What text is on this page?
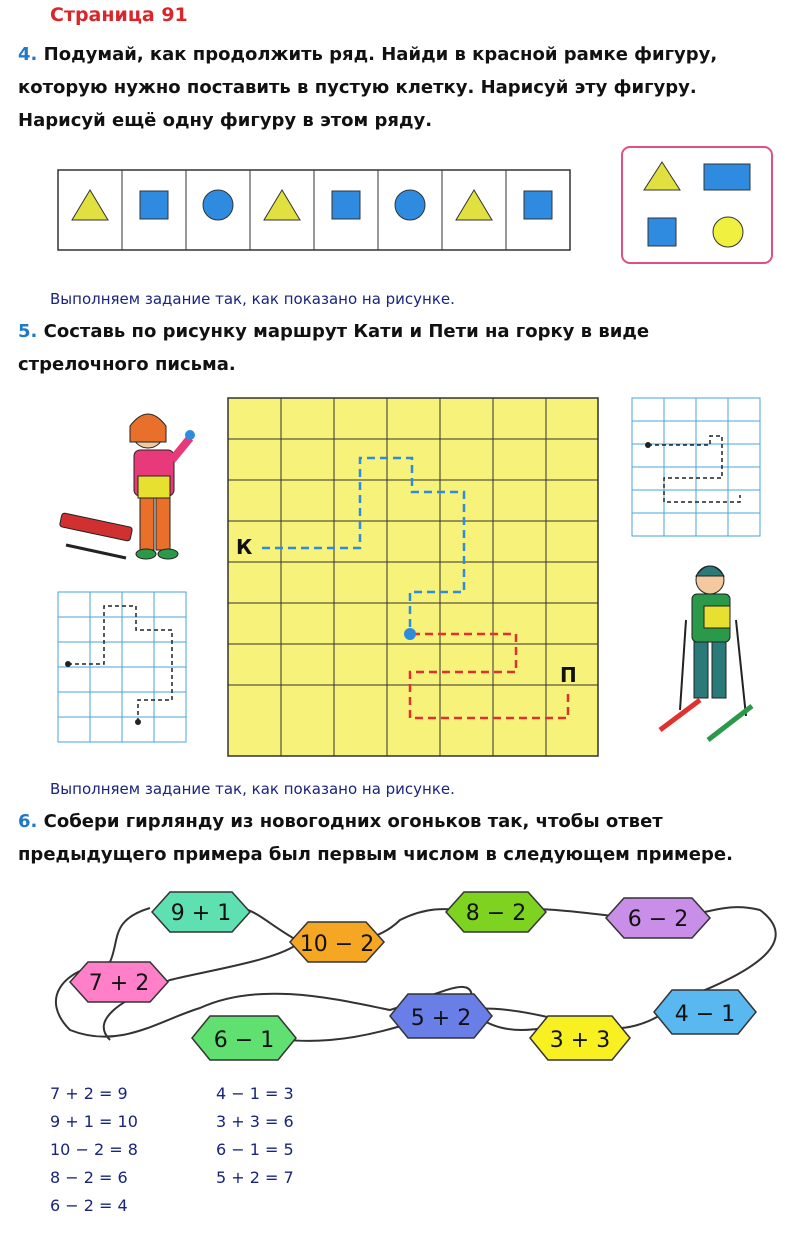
Страница 91
4. Подумай, как продолжить ряд. Найди в красной рамке фигуру,
которую нужно поставить в пустую клетку. Нарисуй эту фигуру.
Нарисуй ещё одну фигуру в этом ряду.
Выполняем задание так, как показано на рисунке.
5. Составь по рисунку маршрут Кати и Пети на горку в виде
стрелочного письма.
К
П
Выполняем задание так, как показано на рисунке.
6. Собери гирлянду из новогодних огоньков так, чтобы ответ
предыдущего примера был первым числом в следующем примере.
9 + 1
10 − 2
8 − 2	6 − 2
7 + 2
5 + 2	4 − 1
6 − 1	3 + 3
7 + 2 = 9
9 + 1 = 10
10 − 2 = 8
8 − 2 = 6
6 − 2 = 4
4 − 1 = 3
3 + 3 = 6
6 − 1 = 5
5 + 2 = 7
